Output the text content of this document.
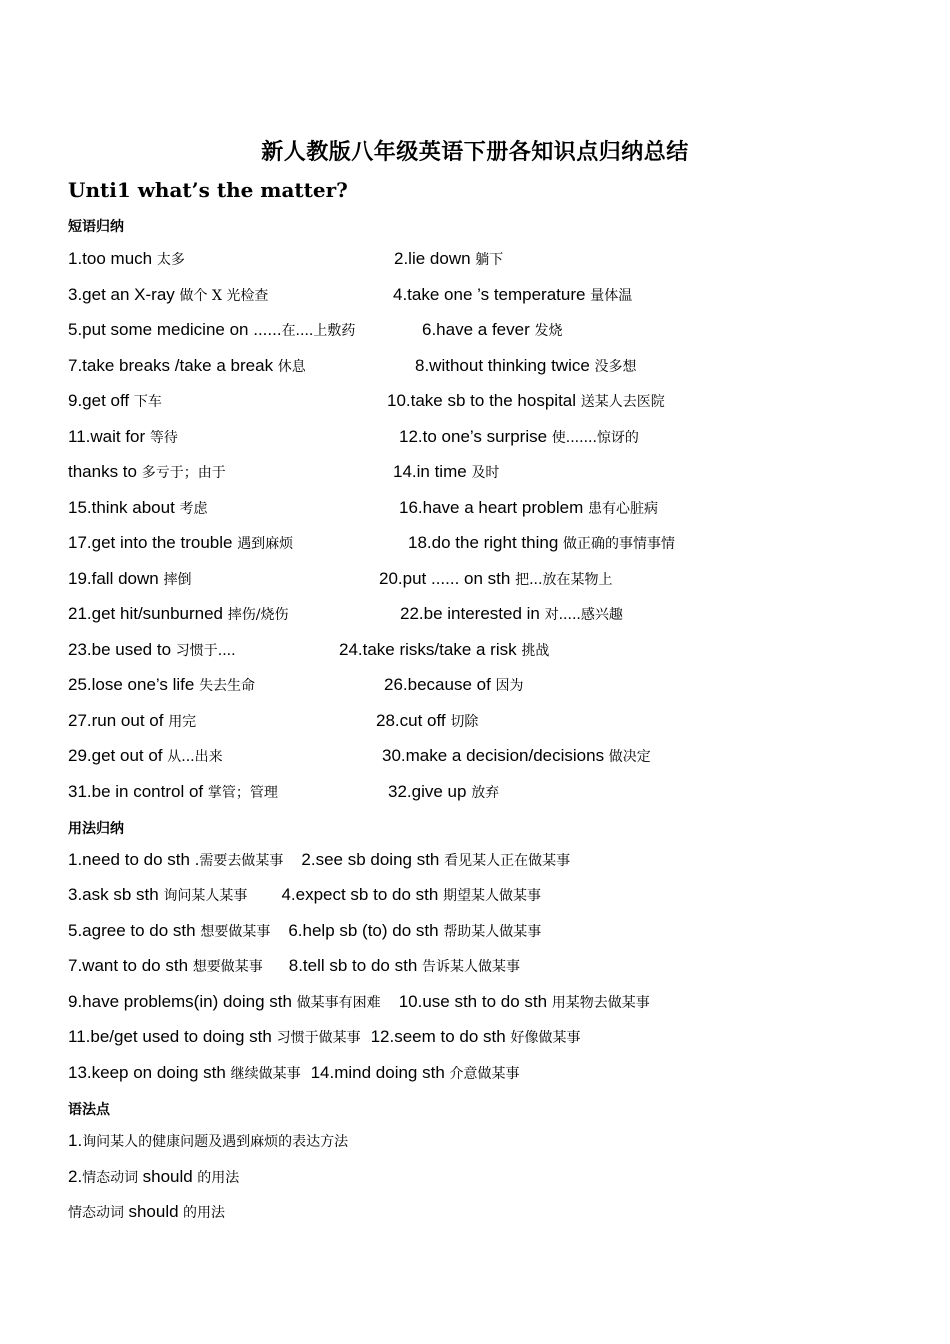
新人教版八年级英语下册各知识点归纳总结
Unti1 what’s the matter?
短语归纳
1.too much 太多	2.lie down 躺下
3.get an X-ray 做个 X 光检查	4.take one ’s temperature 量体温
5.put some medicine on ......在....上敷药	6.have a fever 发烧
7.take breaks /take a break 休息	8.without thinking twice 没多想
9.get off 下车	10.take sb to the hospital 送某人去医院
11.wait for 等待	12.to one’s surprise 使.......惊讶的
thanks to 多亏于；由于	14.in time 及时
15.think about 考虑	16.have a heart problem 患有心脏病
17.get into the trouble 遇到麻烦	18.do the right thing 做正确的事情事情
19.fall down 摔倒	20.put ...... on sth 把...放在某物上
21.get hit/sunburned 摔伤/烧伤	22.be interested in 对.....感兴趣
23.be used to 习惯于....	24.take risks/take a risk 挑战
25.lose one’s life 失去生命	26.because of 因为
27.run out of 用完	28.cut off 切除
29.get out of 从...出来	30.make a decision/decisions 做决定
31.be in control of 掌管；管理	32.give up 放弃
用法归纳
1.need to do sth .需要去做某事 2.see sb doing sth 看见某人正在做某事
3.ask sb sth 询问某人某事 4.expect sb to do sth 期望某人做某事
5.agree to do sth 想要做某事 6.help sb (to) do sth 帮助某人做某事
7.want to do sth 想要做某事 8.tell sb to do sth 告诉某人做某事
9.have problems(in) doing sth 做某事有困难 10.use sth to do sth 用某物去做某事
11.be/get used to doing sth 习惯于做某事 12.seem to do sth 好像做某事
13.keep on doing sth 继续做某事 14.mind doing sth 介意做某事
语法点
1.询问某人的健康问题及遇到麻烦的表达方法
2.情态动词 should 的用法
情态动词 should 的用法
